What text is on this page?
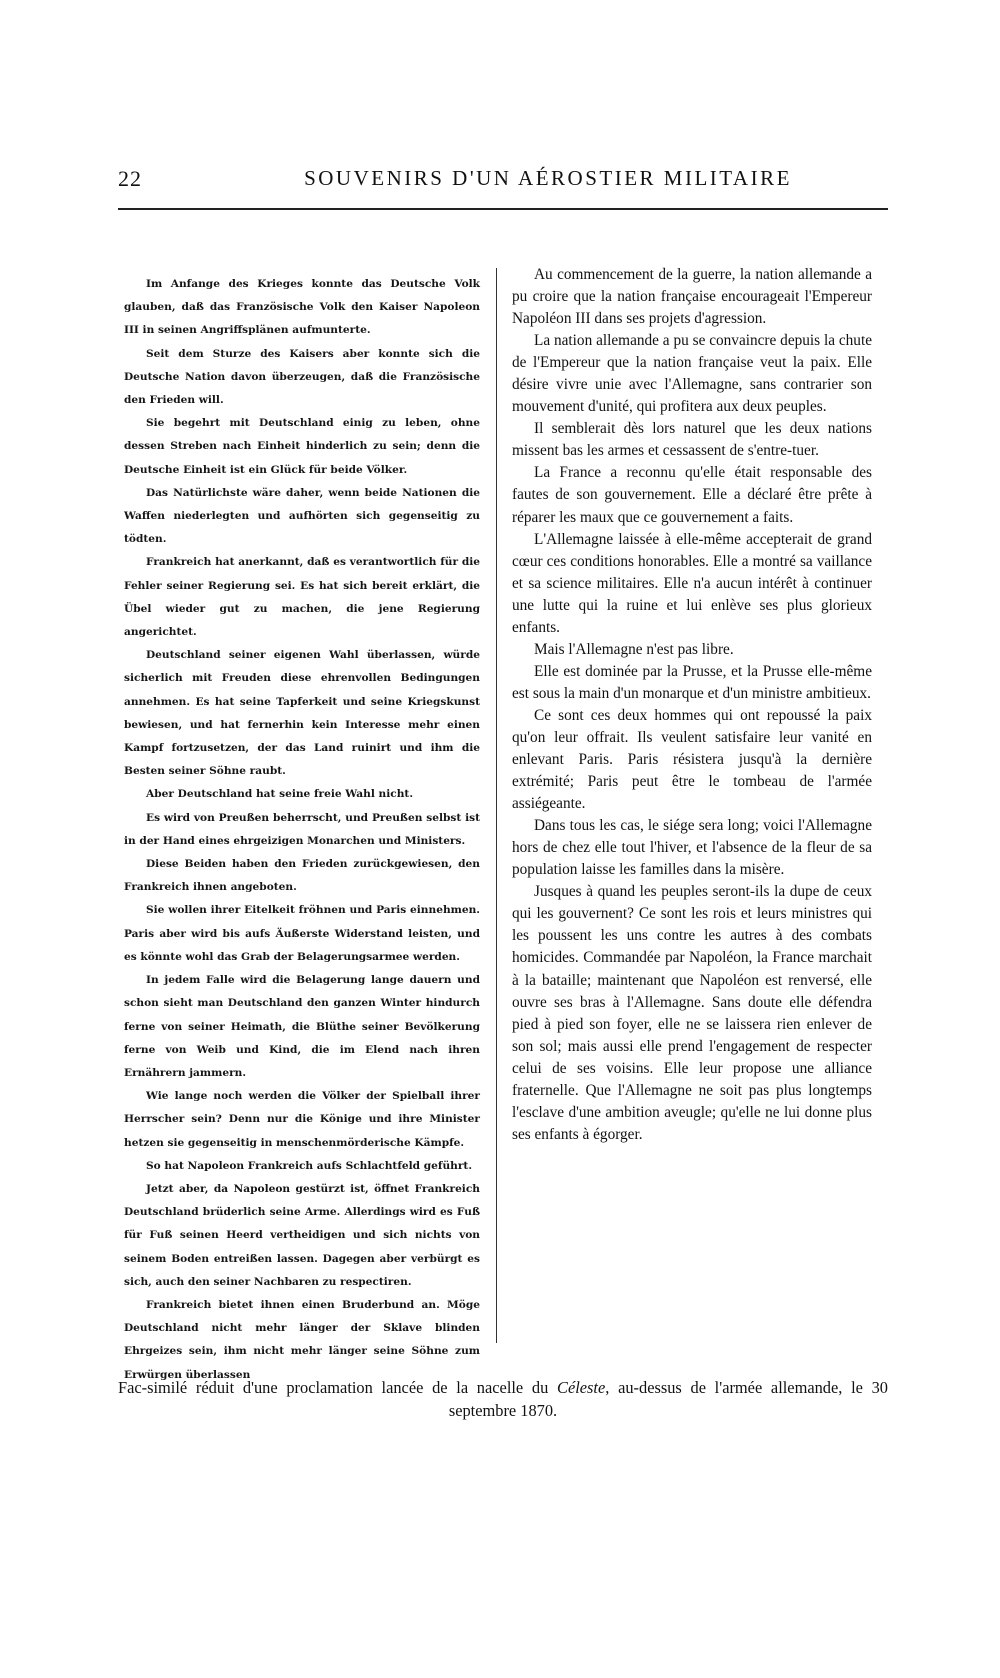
22	SOUVENIRS D'UN AÉROSTIER MILITAIRE

Im Anfange des Krieges konnte das Deutsche Volk glauben, daß das Französische Volk den Kaiser Napoleon III in seinen Angriffsplänen aufmunterte.

Seit dem Sturze des Kaisers aber konnte sich die Deutsche Nation davon überzeugen, daß die Französische den Frieden will.

Sie begehrt mit Deutschland einig zu leben, ohne dessen Streben nach Einheit hinderlich zu sein; denn die Deutsche Einheit ist ein Glück für beide Völker.

Das Natürlichste wäre daher, wenn beide Nationen die Waffen niederlegten und aufhörten sich gegenseitig zu tödten.

Frankreich hat anerkannt, daß es verantwortlich für die Fehler seiner Regierung sei. Es hat sich bereit erklärt, die Übel wieder gut zu machen, die jene Regierung angerichtet.

Deutschland seiner eigenen Wahl überlassen, würde sicherlich mit Freuden diese ehrenvollen Bedingungen annehmen. Es hat seine Tapferkeit und seine Kriegskunst bewiesen, und hat fernerhin kein Interesse mehr einen Kampf fortzusetzen, der das Land ruinirt und ihm die Besten seiner Söhne raubt.

Aber Deutschland hat seine freie Wahl nicht.

Es wird von Preußen beherrscht, und Preußen selbst ist in der Hand eines ehrgeizigen Monarchen und Ministers.

Diese Beiden haben den Frieden zurückgewiesen, den Frankreich ihnen angeboten.

Sie wollen ihrer Eitelkeit fröhnen und Paris einnehmen. Paris aber wird bis aufs Äußerste Widerstand leisten, und es könnte wohl das Grab der Belagerungsarmee werden.

In jedem Falle wird die Belagerung lange dauern und schon sieht man Deutschland den ganzen Winter hindurch ferne von seiner Heimath, die Blüthe seiner Bevölkerung ferne von Weib und Kind, die im Elend nach ihren Ernährern jammern.

Wie lange noch werden die Völker der Spielball ihrer Herrscher sein? Denn nur die Könige und ihre Minister hetzen sie gegenseitig in menschenmörderische Kämpfe.

So hat Napoleon Frankreich aufs Schlachtfeld geführt.

Jetzt aber, da Napoleon gestürzt ist, öffnet Frankreich Deutschland brüderlich seine Arme. Allerdings wird es Fuß für Fuß seinen Heerd vertheidigen und sich nichts von seinem Boden entreißen lassen. Dagegen aber verbürgt es sich, auch den seiner Nachbaren zu respectiren.

Frankreich bietet ihnen einen Bruderbund an. Möge Deutschland nicht mehr länger der Sklave blinden Ehrgeizes sein, ihm nicht mehr länger seine Söhne zum Erwürgen überlassen

Au commencement de la guerre, la nation allemande a pu croire que la nation française encourageait l'Empereur Napoléon III dans ses projets d'agression.

La nation allemande a pu se convaincre depuis la chute de l'Empereur que la nation française veut la paix. Elle désire vivre unie avec l'Allemagne, sans contrarier son mouvement d'unité, qui profitera aux deux peuples.

Il semblerait dès lors naturel que les deux nations missent bas les armes et cessassent de s'entre-tuer.

La France a reconnu qu'elle était responsable des fautes de son gouvernement. Elle a déclaré être prête à réparer les maux que ce gouvernement a faits.

L'Allemagne laissée à elle-même accepterait de grand cœur ces conditions honorables. Elle a montré sa vaillance et sa science militaires. Elle n'a aucun intérêt à continuer une lutte qui la ruine et lui enlève ses plus glorieux enfants.

Mais l'Allemagne n'est pas libre.

Elle est dominée par la Prusse, et la Prusse elle-même est sous la main d'un monarque et d'un ministre ambitieux.

Ce sont ces deux hommes qui ont repoussé la paix qu'on leur offrait. Ils veulent satisfaire leur vanité en enlevant Paris. Paris résistera jusqu'à la dernière extrémité; Paris peut être le tombeau de l'armée assiégeante.

Dans tous les cas, le siége sera long; voici l'Allemagne hors de chez elle tout l'hiver, et l'absence de la fleur de sa population laisse les familles dans la misère.

Jusques à quand les peuples seront-ils la dupe de ceux qui les gouvernent? Ce sont les rois et leurs ministres qui les poussent les uns contre les autres à des combats homicides. Commandée par Napoléon, la France marchait à la bataille; maintenant que Napoléon est renversé, elle ouvre ses bras à l'Allemagne. Sans doute elle défendra pied à pied son foyer, elle ne se laissera rien enlever de son sol; mais aussi elle prend l'engagement de respecter celui de ses voisins. Elle leur propose une alliance fraternelle. Que l'Allemagne ne soit pas plus longtemps l'esclave d'une ambition aveugle; qu'elle ne lui donne plus ses enfants à égorger.

Fac-similé réduit d'une proclamation lancée de la nacelle du Céleste, au-dessus de l'armée allemande, le 30 septembre 1870.
